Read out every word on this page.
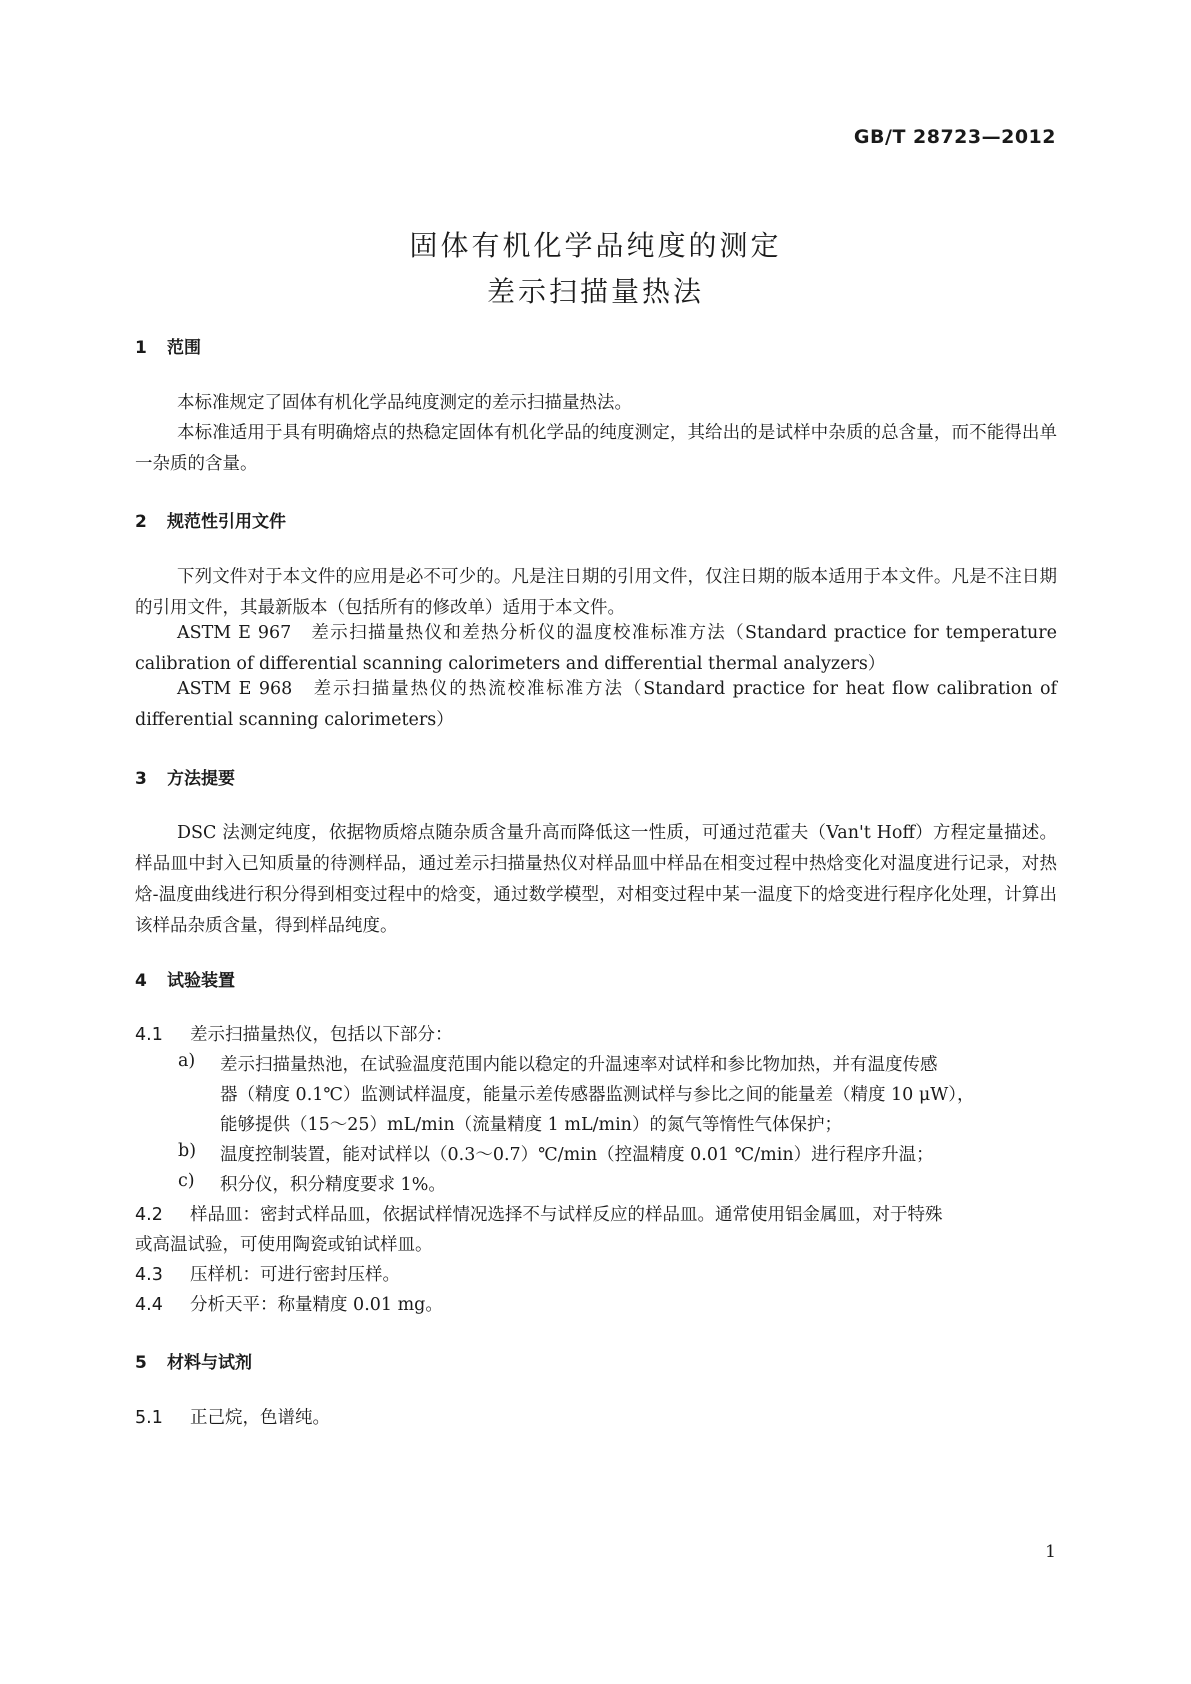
GB/T 28723—2012
固体有机化学品纯度的测定
差示扫描量热法
1 范围
本标准规定了固体有机化学品纯度测定的差示扫描量热法。
本标准适用于具有明确熔点的热稳定固体有机化学品的纯度测定，其给出的是试样中杂质的总含量，而不能得出单一杂质的含量。
2 规范性引用文件
下列文件对于本文件的应用是必不可少的。凡是注日期的引用文件，仅注日期的版本适用于本文件。凡是不注日期的引用文件，其最新版本（包括所有的修改单）适用于本文件。
ASTM E 967　差示扫描量热仪和差热分析仪的温度校准标准方法（Standard practice for temperature calibration of differential scanning calorimeters and differential thermal analyzers）
ASTM E 968　差示扫描量热仪的热流校准标准方法（Standard practice for heat flow calibration of differential scanning calorimeters）
3 方法提要
DSC 法测定纯度，依据物质熔点随杂质含量升高而降低这一性质，可通过范霍夫（Van't Hoff）方程定量描述。样品皿中封入已知质量的待测样品，通过差示扫描量热仪对样品皿中样品在相变过程中热焓变化对温度进行记录，对热焓-温度曲线进行积分得到相变过程中的焓变，通过数学模型，对相变过程中某一温度下的焓变进行程序化处理，计算出该样品杂质含量，得到样品纯度。
4 试验装置
4.1 差示扫描量热仪，包括以下部分：
a) 差示扫描量热池，在试验温度范围内能以稳定的升温速率对试样和参比物加热，并有温度传感
器（精度 0.1℃）监测试样温度，能量示差传感器监测试样与参比之间的能量差（精度 10 μW），
能够提供（15～25）mL/min（流量精度 1 mL/min）的氮气等惰性气体保护；
b) 温度控制装置，能对试样以（0.3～0.7）℃/min（控温精度 0.01 ℃/min）进行程序升温；
c) 积分仪，积分精度要求 1%。
4.2 样品皿：密封式样品皿，依据试样情况选择不与试样反应的样品皿。通常使用铝金属皿，对于特殊
或高温试验，可使用陶瓷或铂试样皿。
4.3 压样机：可进行密封压样。
4.4 分析天平：称量精度 0.01 mg。
5 材料与试剂
5.1 正己烷，色谱纯。
1
